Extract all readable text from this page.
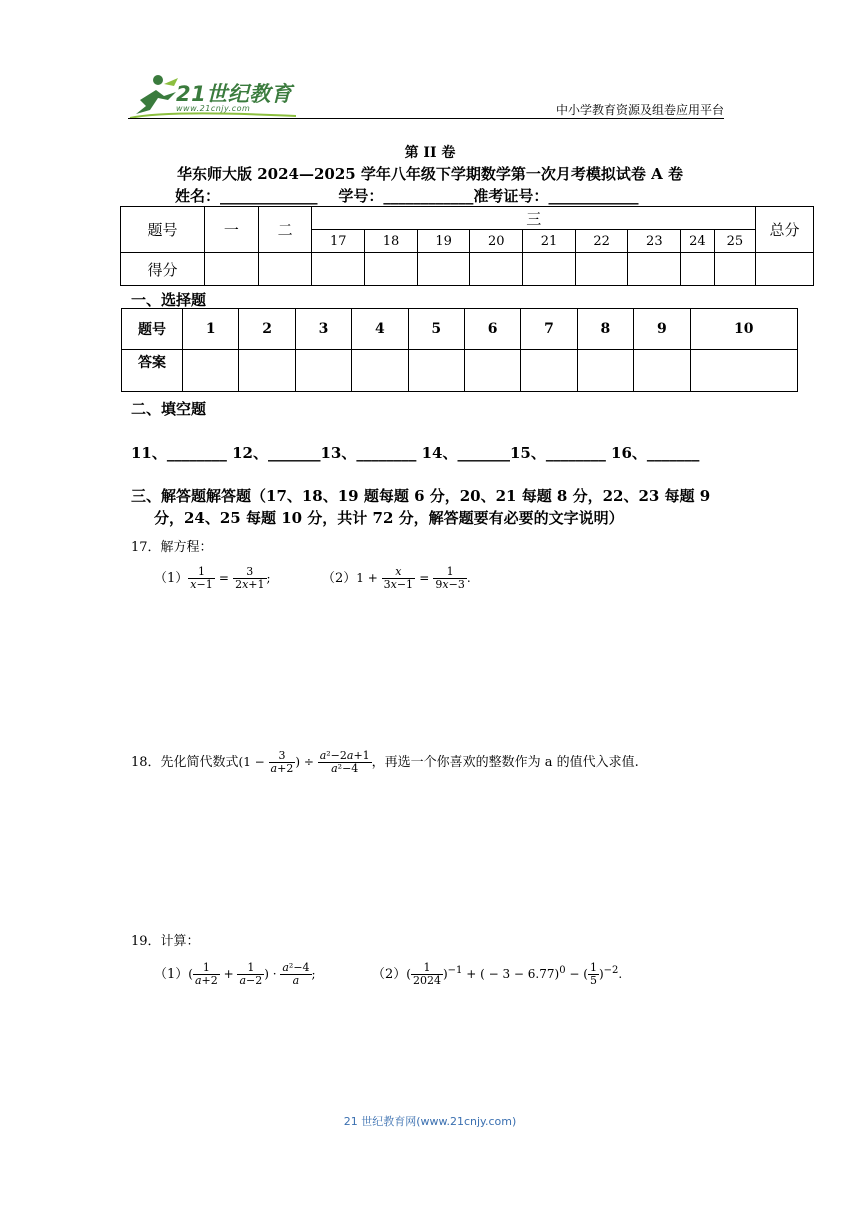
21世纪教育
www.21cnjy.com	中小学教育资源及组卷应用平台
第 II 卷
华东师大版 2024—2025 学年八年级下学期数学第一次月考模拟试卷 A 卷
姓名：_____________    学号：____________准考证号：____________
题号	一	二	三									总分
			17	18	19	20	21	22	23	24	25	
得分												
一、选择题
题号	1	2	3	4	5	6	7	8	9	10
答案										
二、填空题
11、________ 12、_______13、________ 14、_______15、________ 16、_______
三、解答题解答题（17、18、19 题每题 6 分，20、21 每题 8 分，22、23 每题 9
分，24、25 每题 10 分，共计 72 分，解答题要有必要的文字说明）
17．解方程：
$(1) \frac{1}{x-1} = \frac{3}{2x+1}$ ;	$(2)1 + \frac{x}{3x-1} = \frac{1}{9x-3}$ .
18．先化简代数式($1 - \frac{3}{a+2}$ ) ÷ $\frac{\text{a²−2a+1}}{\text{a²−4}}$ ，再选一个你喜欢的整数作为 a 的值代入求值.
19．计算：
$(1)( \frac{1}{a+2} + \frac{1}{a-2}$ ) · $\frac{\text{a²−4}}{a}$ ;	$(2)( \frac{1}{2024} )^{-1}$ + ( − 3 − 6.77)$^0$ − ( $\frac{1}{5} )^{-2}$.
21 世纪教育网(www.21cnjy.com)
